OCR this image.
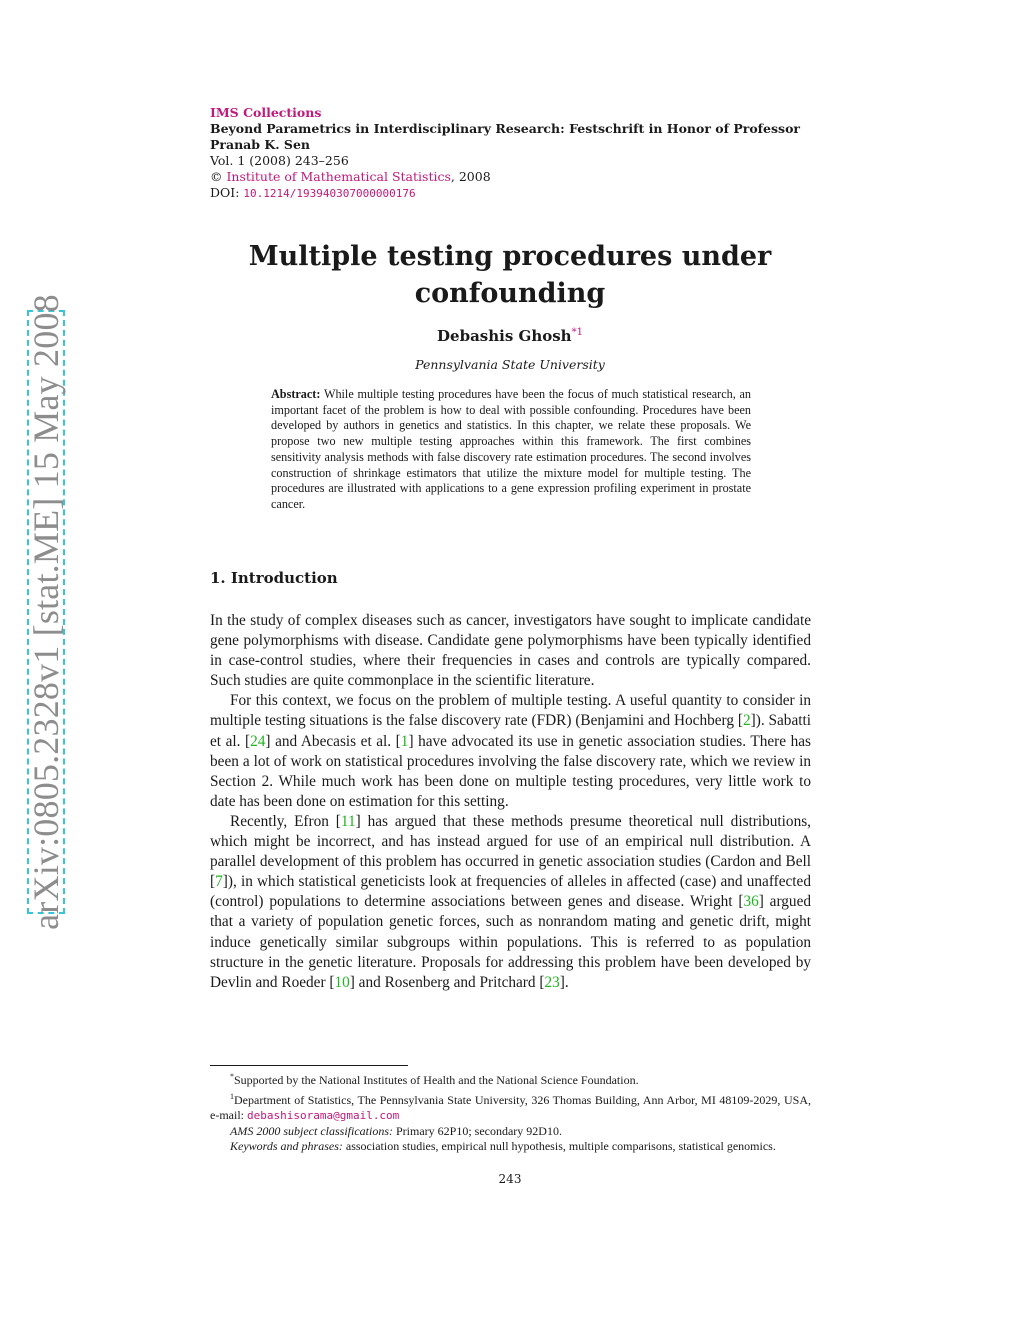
arXiv:0805.2328v1 [stat.ME] 15 May 2008
IMS Collections
Beyond Parametrics in Interdisciplinary Research: Festschrift in Honor of Professor
Pranab K. Sen
Vol. 1 (2008) 243–256
© Institute of Mathematical Statistics, 2008
DOI: 10.1214/193940307000000176
Multiple testing procedures under
confounding
Debashis Ghosh$^{*1}$
Pennsylvania State University
Abstract: While multiple testing procedures have been the focus of much statistical research, an important facet of the problem is how to deal with possible confounding. Procedures have been developed by authors in genetics and statistics. In this chapter, we relate these proposals. We propose two new multiple testing approaches within this framework. The first combines sensitivity analysis methods with false discovery rate estimation procedures. The second involves construction of shrinkage estimators that utilize the mixture model for multiple testing. The procedures are illustrated with applications to a gene expression profiling experiment in prostate cancer.
1. Introduction

In the study of complex diseases such as cancer, investigators have sought to implicate candidate gene polymorphisms with disease. Candidate gene polymorphisms have been typically identified in case-control studies, where their frequencies in cases and controls are typically compared. Such studies are quite commonplace in the scientific literature.

For this context, we focus on the problem of multiple testing. A useful quantity to consider in multiple testing situations is the false discovery rate (FDR) (Benjamini and Hochberg [2]). Sabatti et al. [24] and Abecasis et al. [1] have advocated its use in genetic association studies. There has been a lot of work on statistical procedures involving the false discovery rate, which we review in Section 2. While much work has been done on multiple testing procedures, very little work to date has been done on estimation for this setting.

Recently, Efron [11] has argued that these methods presume theoretical null distributions, which might be incorrect, and has instead argued for use of an empirical null distribution. A parallel development of this problem has occurred in genetic association studies (Cardon and Bell [7]), in which statistical geneticists look at frequencies of alleles in affected (case) and unaffected (control) populations to determine associations between genes and disease. Wright [36] argued that a variety of population genetic forces, such as nonrandom mating and genetic drift, might induce genetically similar subgroups within populations. This is referred to as population structure in the genetic literature. Proposals for addressing this problem have been developed by Devlin and Roeder [10] and Rosenberg and Pritchard [23].

*Supported by the National Institutes of Health and the National Science Foundation.

$^1$Department of Statistics, The Pennsylvania State University, 326 Thomas Building, Ann Arbor, MI 48109-2029, USA, e-mail: debashisorama@gmail.com

AMS 2000 subject classifications: Primary 62P10; secondary 92D10.

Keywords and phrases: association studies, empirical null hypothesis, multiple comparisons, statistical genomics.

243
